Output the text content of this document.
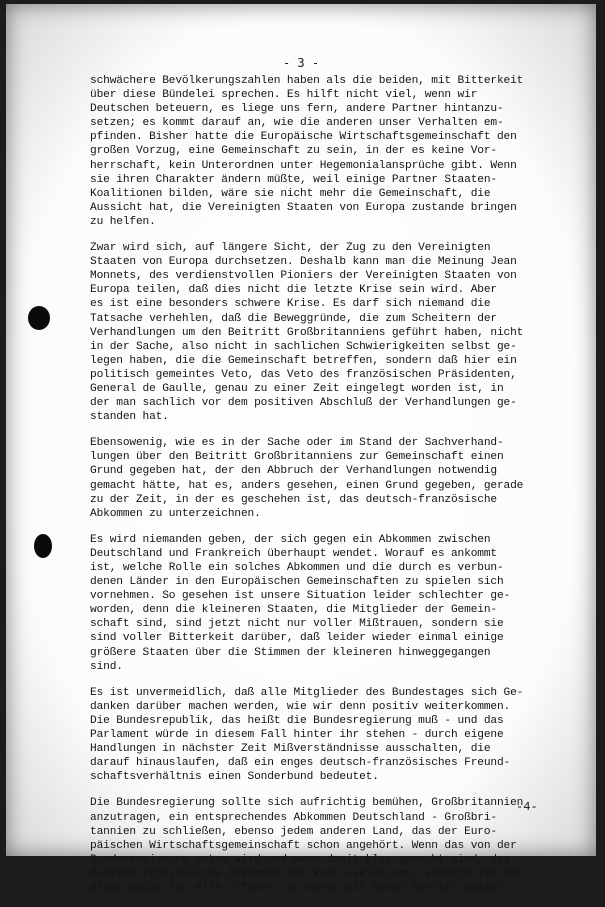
- 3 -
schwächere Bevölkerungszahlen haben als die beiden, mit Bitterkeit
über diese Bündelei sprechen. Es hilft nicht viel, wenn wir
Deutschen beteuern, es liege uns fern, andere Partner hintanzu-
setzen; es kommt darauf an, wie die anderen unser Verhalten em-
pfinden. Bisher hatte die Europäische Wirtschaftsgemeinschaft den
großen Vorzug, eine Gemeinschaft zu sein, in der es keine Vor-
herrschaft, kein Unterordnen unter Hegemonialansprüche gibt. Wenn
sie ihren Charakter ändern müßte, weil einige Partner Staaten-
Koalitionen bilden, wäre sie nicht mehr die Gemeinschaft, die
Aussicht hat, die Vereinigten Staaten von Europa zustande bringen
zu helfen.
Zwar wird sich, auf längere Sicht, der Zug zu den Vereinigten
Staaten von Europa durchsetzen. Deshalb kann man die Meinung Jean
Monnets, des verdienstvollen Pioniers der Vereinigten Staaten von
Europa teilen, daß dies nicht die letzte Krise sein wird. Aber
es ist eine besonders schwere Krise. Es darf sich niemand die
Tatsache verhehlen, daß die Beweggründe, die zum Scheitern der
Verhandlungen um den Beitritt Großbritanniens geführt haben, nicht
in der Sache, also nicht in sachlichen Schwierigkeiten selbst ge-
legen haben, die die Gemeinschaft betreffen, sondern daß hier ein
politisch gemeintes Veto, das Veto des französischen Präsidenten,
General de Gaulle, genau zu einer Zeit eingelegt worden ist, in
der man sachlich vor dem positiven Abschluß der Verhandlungen ge-
standen hat.
Ebensowenig, wie es in der Sache oder im Stand der Sachverhand-
lungen über den Beitritt Großbritanniens zur Gemeinschaft einen
Grund gegeben hat, der den Abbruch der Verhandlungen notwendig
gemacht hätte, hat es, anders gesehen, einen Grund gegeben, gerade
zu der Zeit, in der es geschehen ist, das deutsch-französische
Abkommen zu unterzeichnen.
Es wird niemanden geben, der sich gegen ein Abkommen zwischen
Deutschland und Frankreich überhaupt wendet. Worauf es ankommt
ist, welche Rolle ein solches Abkommen und die durch es verbun-
denen Länder in den Europäischen Gemeinschaften zu spielen sich
vornehmen. So gesehen ist unsere Situation leider schlechter ge-
worden, denn die kleineren Staaten, die Mitglieder der Gemein-
schaft sind, sind jetzt nicht nur voller Mißtrauen, sondern sie
sind voller Bitterkeit darüber, daß leider wieder einmal einige
größere Staaten über die Stimmen der kleineren hinweggegangen
sind.
Es ist unvermeidlich, daß alle Mitglieder des Bundestages sich Ge-
danken darüber machen werden, wie wir denn positiv weiterkommen.
Die Bundesrepublik, das heißt die Bundesregierung muß - und das
Parlament würde in diesem Fall hinter ihr stehen - durch eigene
Handlungen in nächster Zeit Mißverständnisse ausschalten, die
darauf hinauslaufen, daß ein enges deutsch-französisches Freund-
schaftsverhältnis einen Sonderbund bedeutet.
Die Bundesregierung sollte sich aufrichtig bemühen, Großbritannien
anzutragen, ein entsprechendes Abkommen Deutschland - Großbri-
tannien zu schließen, ebenso jedem anderen Land, das der Euro-
päischen Wirtschaftsgemeinschaft schon angehört. Wenn das von der
Bundesregierung getan wird und wenn damit klar gemacht wird, das
deutsch-französische Abkommen ist kein exklusives, sondern ein auf
diese Weise für alle offenes, so wären wir einen Schritt weiter.
-4-
